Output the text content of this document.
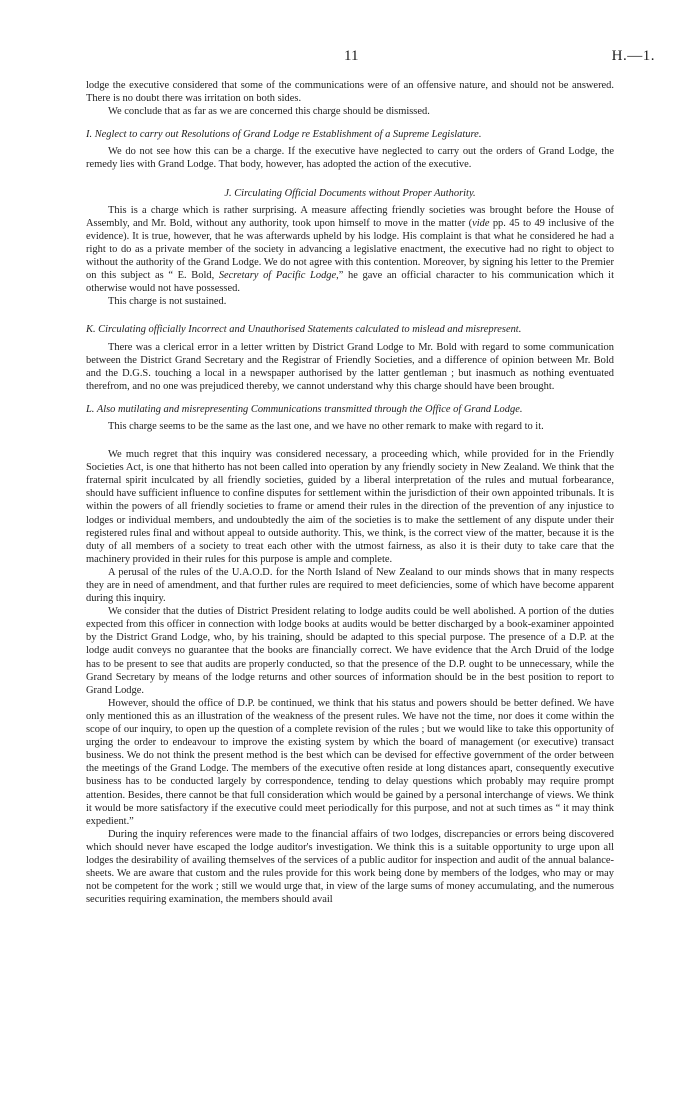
11	H.—1.

lodge the executive considered that some of the communications were of an offensive nature, and should not be answered. There is no doubt there was irritation on both sides.

We conclude that as far as we are concerned this charge should be dismissed.

I. Neglect to carry out Resolutions of Grand Lodge re Establishment of a Supreme Legislature.

We do not see how this can be a charge. If the executive have neglected to carry out the orders of Grand Lodge, the remedy lies with Grand Lodge. That body, however, has adopted the action of the executive.

J. Circulating Official Documents without Proper Authority.

This is a charge which is rather surprising. A measure affecting friendly societies was brought before the House of Assembly, and Mr. Bold, without any authority, took upon himself to move in the matter (vide pp. 45 to 49 inclusive of the evidence). It is true, however, that he was afterwards upheld by his lodge. His complaint is that what he considered he had a right to do as a private member of the society in advancing a legislative enactment, the executive had no right to object to without the authority of the Grand Lodge. We do not agree with this contention. Moreover, by signing his letter to the Premier on this subject as “ E. Bold, Secretary of Pacific Lodge,” he gave an official character to his communication which it otherwise would not have possessed.

This charge is not sustained.

K. Circulating officially Incorrect and Unauthorised Statements calculated to mislead and misrepresent.

There was a clerical error in a letter written by District Grand Lodge to Mr. Bold with regard to some communication between the District Grand Secretary and the Registrar of Friendly Societies, and a difference of opinion between Mr. Bold and the D.G.S. touching a local in a newspaper authorised by the latter gentleman ; but inasmuch as nothing eventuated therefrom, and no one was prejudiced thereby, we cannot understand why this charge should have been brought.

L. Also mutilating and misrepresenting Communications transmitted through the Office of Grand Lodge.

This charge seems to be the same as the last one, and we have no other remark to make with regard to it.

We much regret that this inquiry was considered necessary, a proceeding which, while provided for in the Friendly Societies Act, is one that hitherto has not been called into operation by any friendly society in New Zealand. We think that the fraternal spirit inculcated by all friendly societies, guided by a liberal interpretation of the rules and mutual forbearance, should have sufficient influence to confine disputes for settlement within the jurisdiction of their own appointed tribunals. It is within the powers of all friendly societies to frame or amend their rules in the direction of the prevention of any injustice to lodges or individual members, and undoubtedly the aim of the societies is to make the settlement of any dispute under their registered rules final and without appeal to outside authority. This, we think, is the correct view of the matter, because it is the duty of all members of a society to treat each other with the utmost fairness, as also it is their duty to take care that the machinery provided in their rules for this purpose is ample and complete.

A perusal of the rules of the U.A.O.D. for the North Island of New Zealand to our minds shows that in many respects they are in need of amendment, and that further rules are required to meet deficiencies, some of which have become apparent during this inquiry.

We consider that the duties of District President relating to lodge audits could be well abolished. A portion of the duties expected from this officer in connection with lodge books at audits would be better discharged by a book-examiner appointed by the District Grand Lodge, who, by his training, should be adapted to this special purpose. The presence of a D.P. at the lodge audit conveys no guarantee that the books are financially correct. We have evidence that the Arch Druid of the lodge has to be present to see that audits are properly conducted, so that the presence of the D.P. ought to be unnecessary, while the Grand Secretary by means of the lodge returns and other sources of information should be in the best position to report to Grand Lodge.

However, should the office of D.P. be continued, we think that his status and powers should be better defined. We have only mentioned this as an illustration of the weakness of the present rules. We have not the time, nor does it come within the scope of our inquiry, to open up the question of a complete revision of the rules ; but we would like to take this opportunity of urging the order to endeavour to improve the existing system by which the board of management (or executive) transact business. We do not think the present method is the best which can be devised for effective government of the order between the meetings of the Grand Lodge. The members of the executive often reside at long distances apart, consequently executive business has to be conducted largely by correspondence, tending to delay questions which probably may require prompt attention. Besides, there cannot be that full consideration which would be gained by a personal interchange of views. We think it would be more satisfactory if the executive could meet periodically for this purpose, and not at such times as “ it may think expedient.”

During the inquiry references were made to the financial affairs of two lodges, discrepancies or errors being discovered which should never have escaped the lodge auditor's investigation. We think this is a suitable opportunity to urge upon all lodges the desirability of availing themselves of the services of a public auditor for inspection and audit of the annual balance-sheets. We are aware that custom and the rules provide for this work being done by members of the lodges, who may or may not be competent for the work ; still we would urge that, in view of the large sums of money accumulating, and the numerous securities requiring examination, the members should avail
